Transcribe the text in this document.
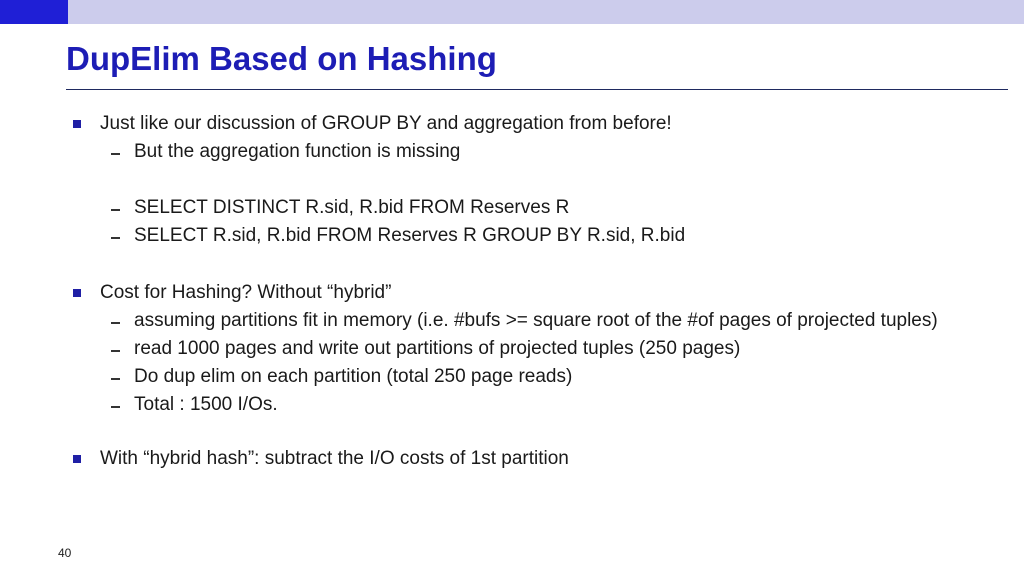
DupElim Based on Hashing
Just like our discussion of GROUP BY and aggregation from before!
But the aggregation function is missing
SELECT DISTINCT R.sid, R.bid FROM Reserves R
SELECT R.sid, R.bid FROM Reserves R GROUP BY R.sid, R.bid
Cost for Hashing? Without “hybrid”
assuming partitions fit in memory (i.e. #bufs >= square root of the #of pages of projected tuples)
read 1000 pages and write out partitions of projected tuples (250 pages)
Do dup elim on each partition (total 250 page reads)
Total : 1500 I/Os.
With “hybrid hash”: subtract the I/O costs of 1st partition
40
